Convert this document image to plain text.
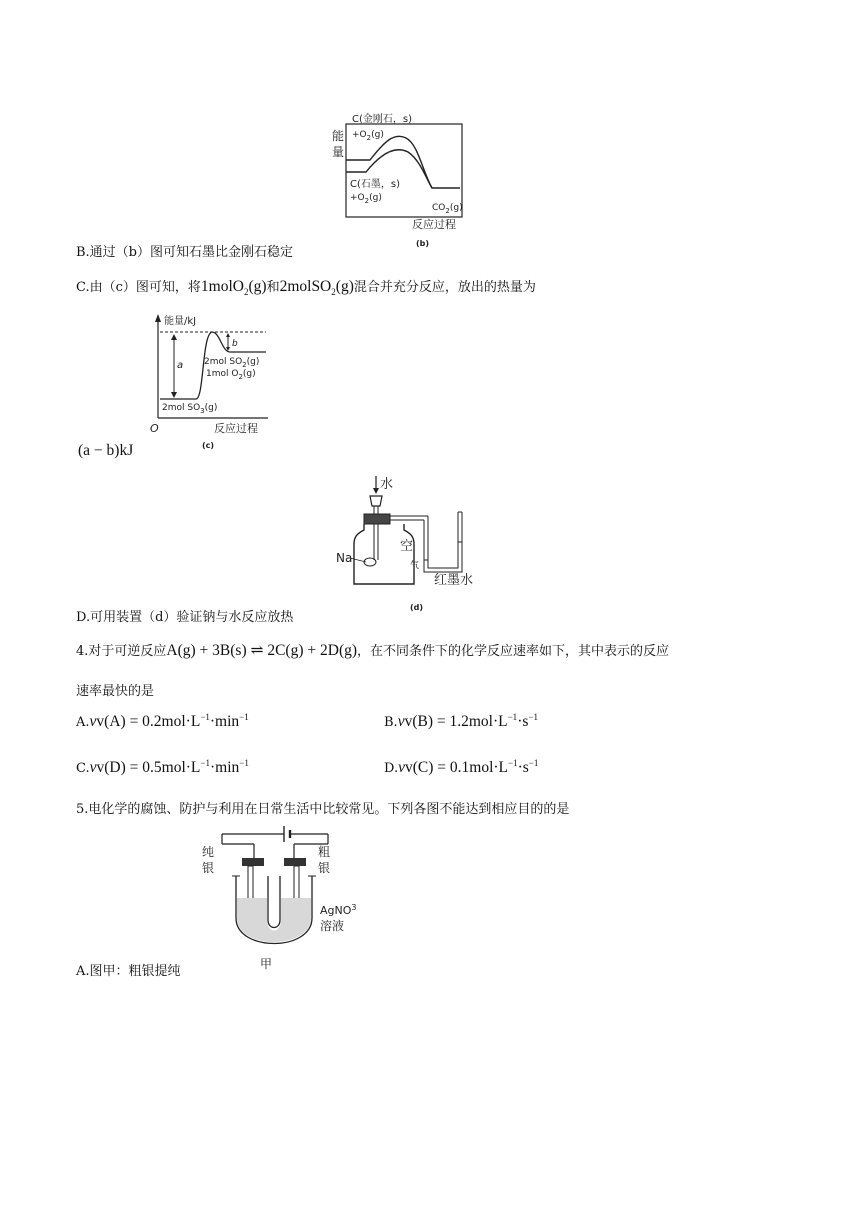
能
量
C(金刚石，s)
$+O_2(g)$
C(石墨，s)
$+O_2(g)$
$CO_2(g)$
反应过程
(b)
B.通过（b）图可知石墨比金刚石稳定
C.由（c）图可知，将1molO$_2$(g)和2molSO$_2$(g)混合并充分反应，放出的热量为
能量/kJ
a
b
2mol $SO_2(g)$
1mol $O_2(g)$
2mol $SO_3(g)$
O	反应过程
(c)
(a − b)kJ
水
Na
空
气
红墨水
(d)
D.可用装置（d）验证钠与水反应放热
4.对于可逆反应A(g) + 3B(s) ⇌ 2C(g) + 2D(g)，在不同条件下的化学反应速率如下，其中表示的反应
速率最快的是
$A.vv(A) = 0.2mol\cdot L^{-1}\cdot\min^{-1}$	$B.vv(B) = 1.2mol\cdot L^{-1}\cdot s^{-1}$
$C.vv(D) = 0.5mol\cdot L^{-1}\cdot\min^{-1}$	$D.vv(C) = 0.1mol\cdot L^{-1}\cdot s^{-1}$
5.电化学的腐蚀、防护与利用在日常生活中比较常见。下列各图不能达到相应目的的是
纯
银
粗
银
AgNO$^3$
溶液
甲
A.图甲：粗银提纯
